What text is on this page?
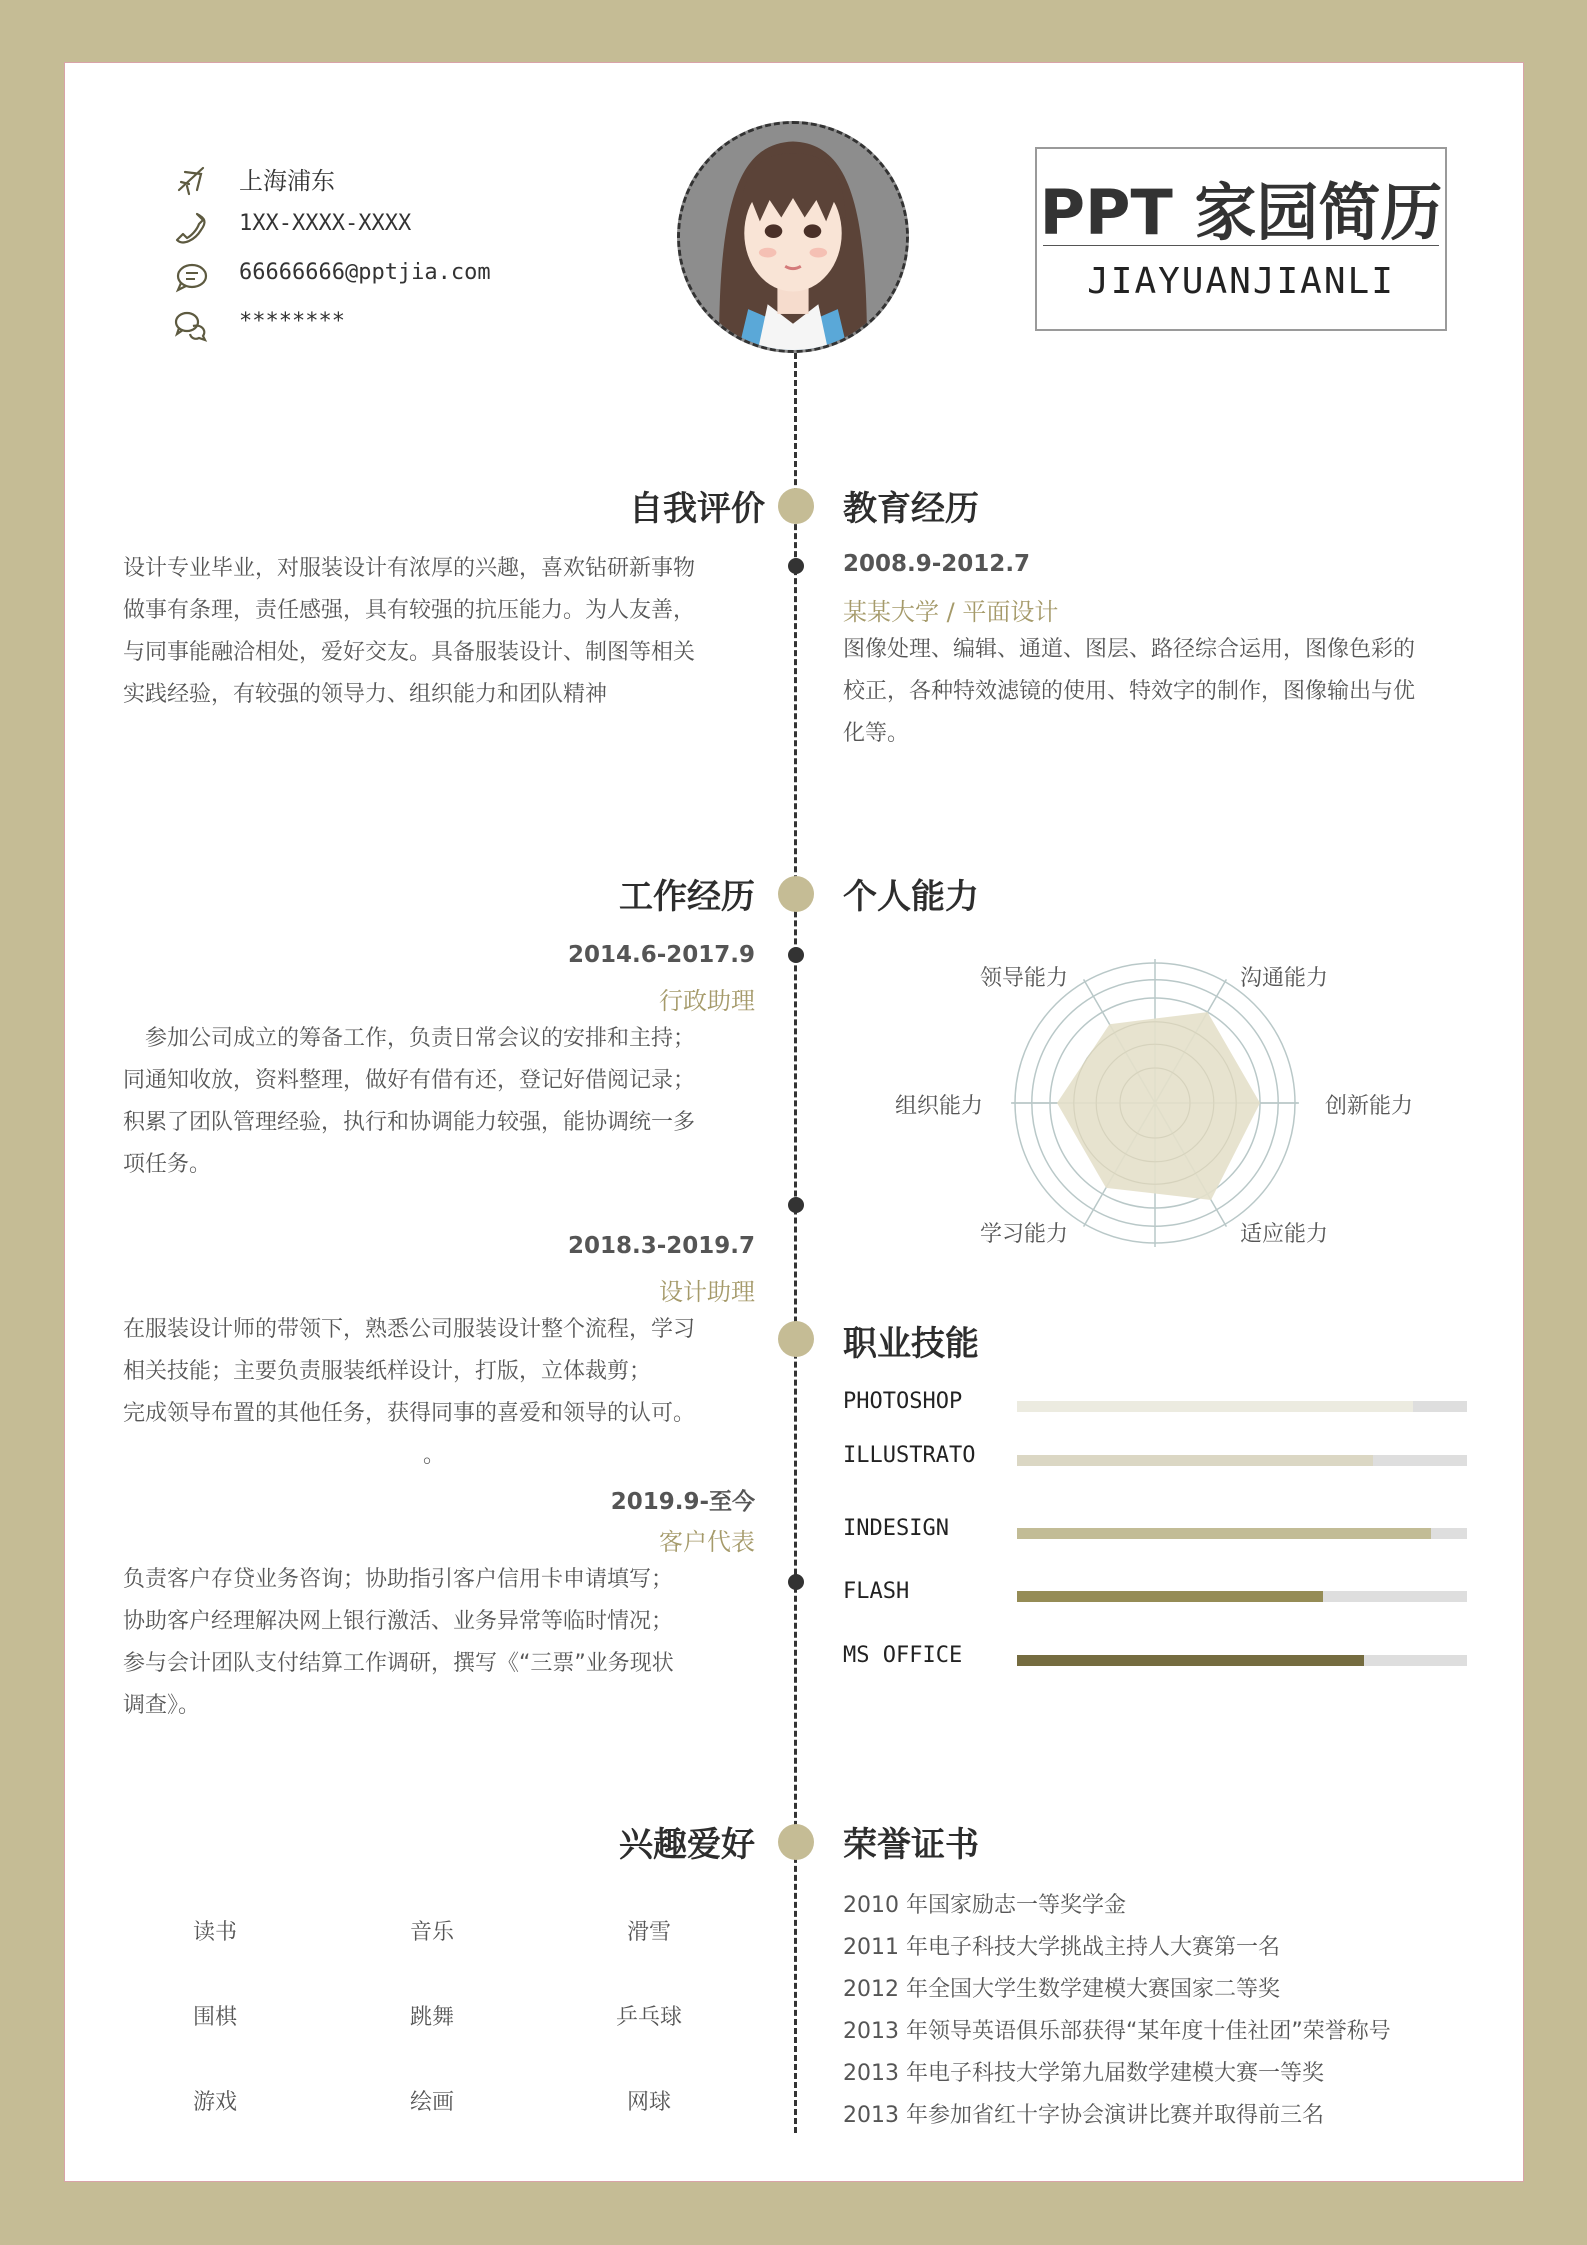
上海浦东
1XX-XXXX-XXXX
66666666@pptjia.com
********
PPT 家园简历
JIAYUANJIANLI
自我评价
设计专业毕业，对服装设计有浓厚的兴趣，喜欢钻研新事物
做事有条理，责任感强，具有较强的抗压能力。为人友善，
与同事能融洽相处，爱好交友。具备服装设计、制图等相关
实践经验，有较强的领导力、组织能力和团队精神
教育经历
2008.9-2012.7
某某大学 / 平面设计
图像处理、编辑、通道、图层、路径综合运用，图像色彩的
校正，各种特效滤镜的使用、特效字的制作，图像输出与优
化等。
工作经历
2014.6-2017.9
行政助理
　参加公司成立的筹备工作，负责日常会议的安排和主持；
同通知收放，资料整理，做好有借有还，登记好借阅记录；
积累了团队管理经验，执行和协调能力较强，能协调统一多
项任务。
2018.3-2019.7
设计助理
在服装设计师的带领下，熟悉公司服装设计整个流程，学习
相关技能；主要负责服装纸样设计，打版，立体裁剪；
完成领导布置的其他任务，获得同事的喜爱和领导的认可。
。
2019.9-至今
客户代表
负责客户存贷业务咨询；协助指引客户信用卡申请填写；
协助客户经理解决网上银行激活、业务异常等临时情况；
参与会计团队支付结算工作调研，撰写《“三票”业务现状
调查》。
个人能力
职业技能
兴趣爱好
读书	音乐	滑雪
围棋	跳舞	乒乓球
游戏	绘画	网球
荣誉证书
2010 年国家励志一等奖学金
2011 年电子科技大学挑战主持人大赛第一名
2012 年全国大学生数学建模大赛国家二等奖
2013 年领导英语俱乐部获得“某年度十佳社团”荣誉称号
2013 年电子科技大学第九届数学建模大赛一等奖
2013 年参加省红十字协会演讲比赛并取得前三名
沟通能力
创新能力
适应能力
学习能力
组织能力
领导能力
PHOTOSHOP
ILLUSTRATO
INDESIGN
FLASH
MS OFFICE
